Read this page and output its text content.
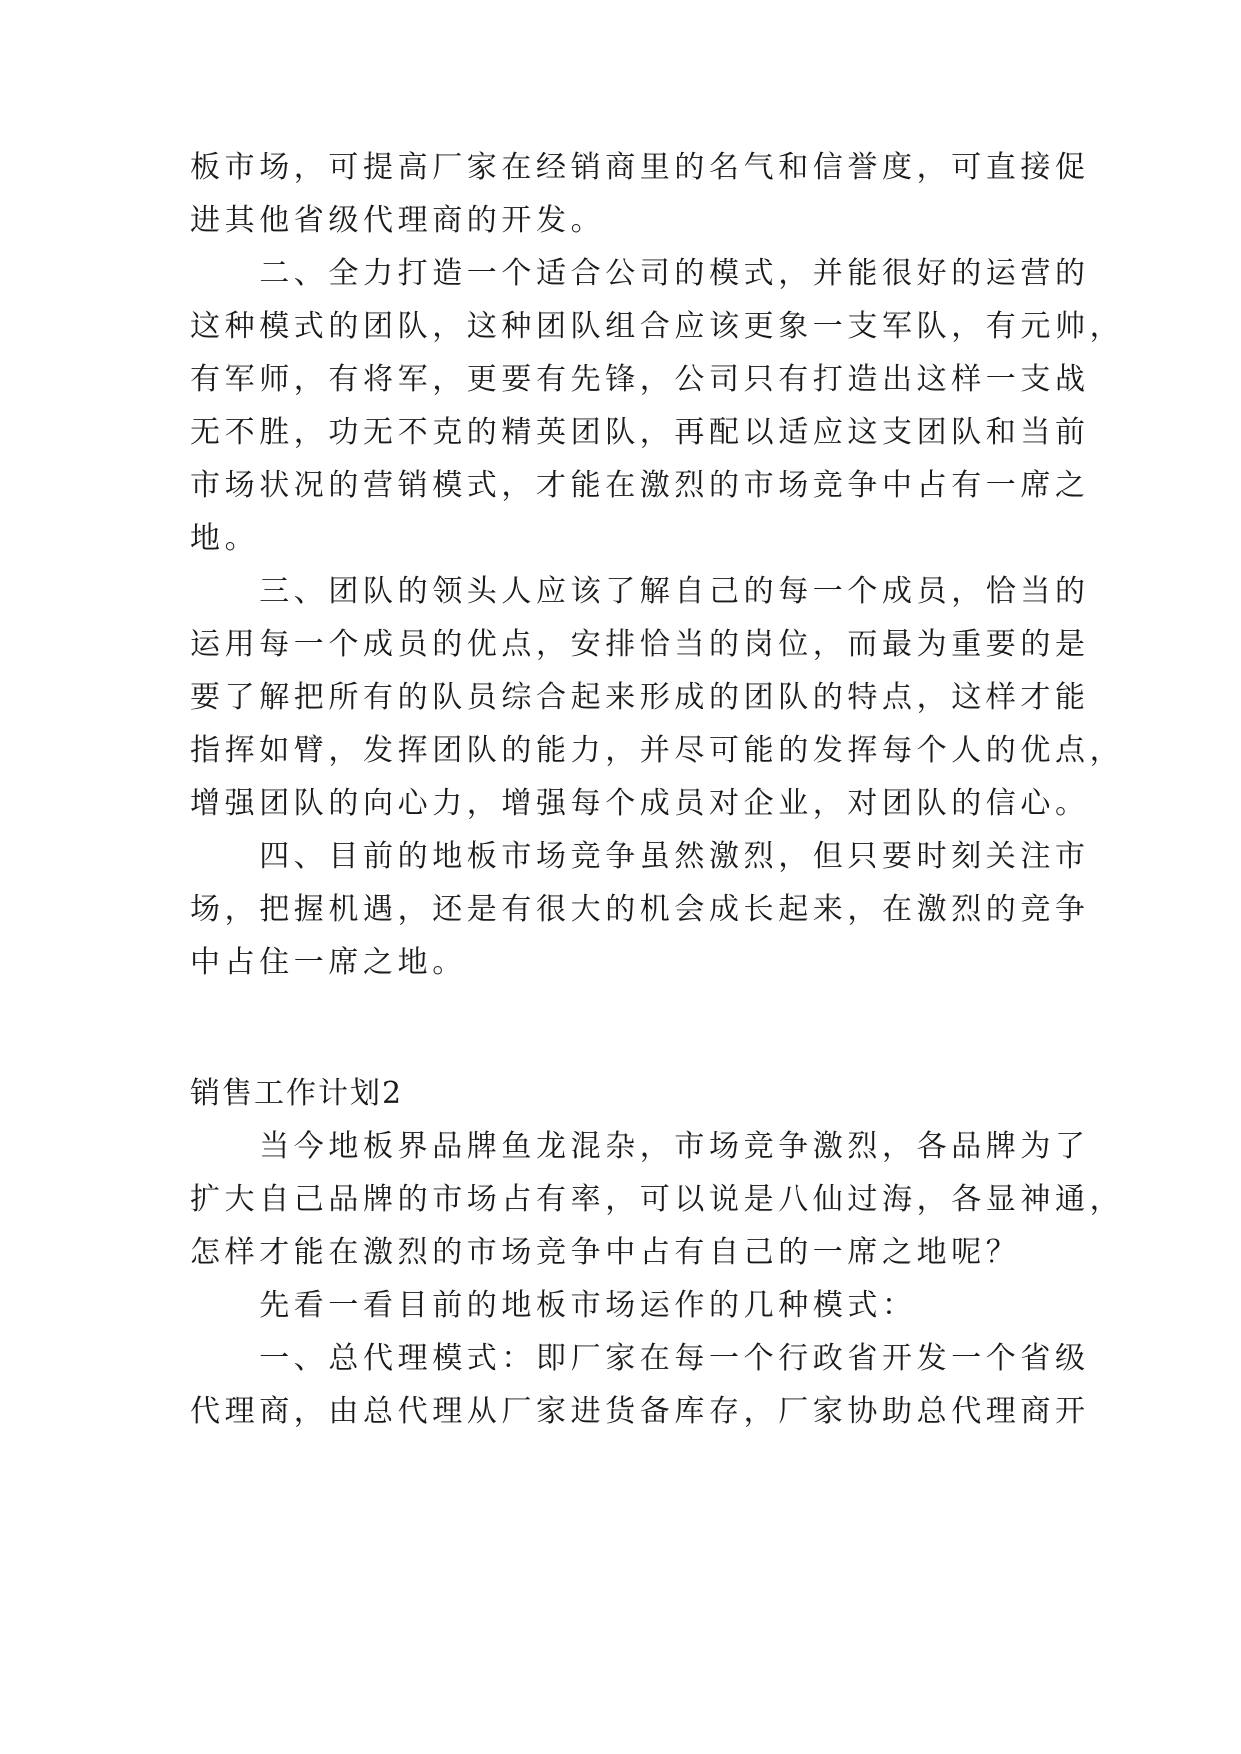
板市场，可提高厂家在经销商里的名气和信誉度，可直接促
进其他省级代理商的开发。
　　二、全力打造一个适合公司的模式，并能很好的运营的
这种模式的团队，这种团队组合应该更象一支军队，有元帅，
有军师，有将军，更要有先锋，公司只有打造出这样一支战
无不胜，功无不克的精英团队，再配以适应这支团队和当前
市场状况的营销模式，才能在激烈的市场竞争中占有一席之
地。
　　三、团队的领头人应该了解自己的每一个成员，恰当的
运用每一个成员的优点，安排恰当的岗位，而最为重要的是
要了解把所有的队员综合起来形成的团队的特点，这样才能
指挥如臂，发挥团队的能力，并尽可能的发挥每个人的优点，
增强团队的向心力，增强每个成员对企业，对团队的信心。
　　四、目前的地板市场竞争虽然激烈，但只要时刻关注市
场，把握机遇，还是有很大的机会成长起来，在激烈的竞争
中占住一席之地。
销售工作计划2
　　当今地板界品牌鱼龙混杂，市场竞争激烈，各品牌为了
扩大自己品牌的市场占有率，可以说是八仙过海，各显神通，
怎样才能在激烈的市场竞争中占有自己的一席之地呢？
　　先看一看目前的地板市场运作的几种模式：
　　一、总代理模式：即厂家在每一个行政省开发一个省级
代理商，由总代理从厂家进货备库存，厂家协助总代理商开
